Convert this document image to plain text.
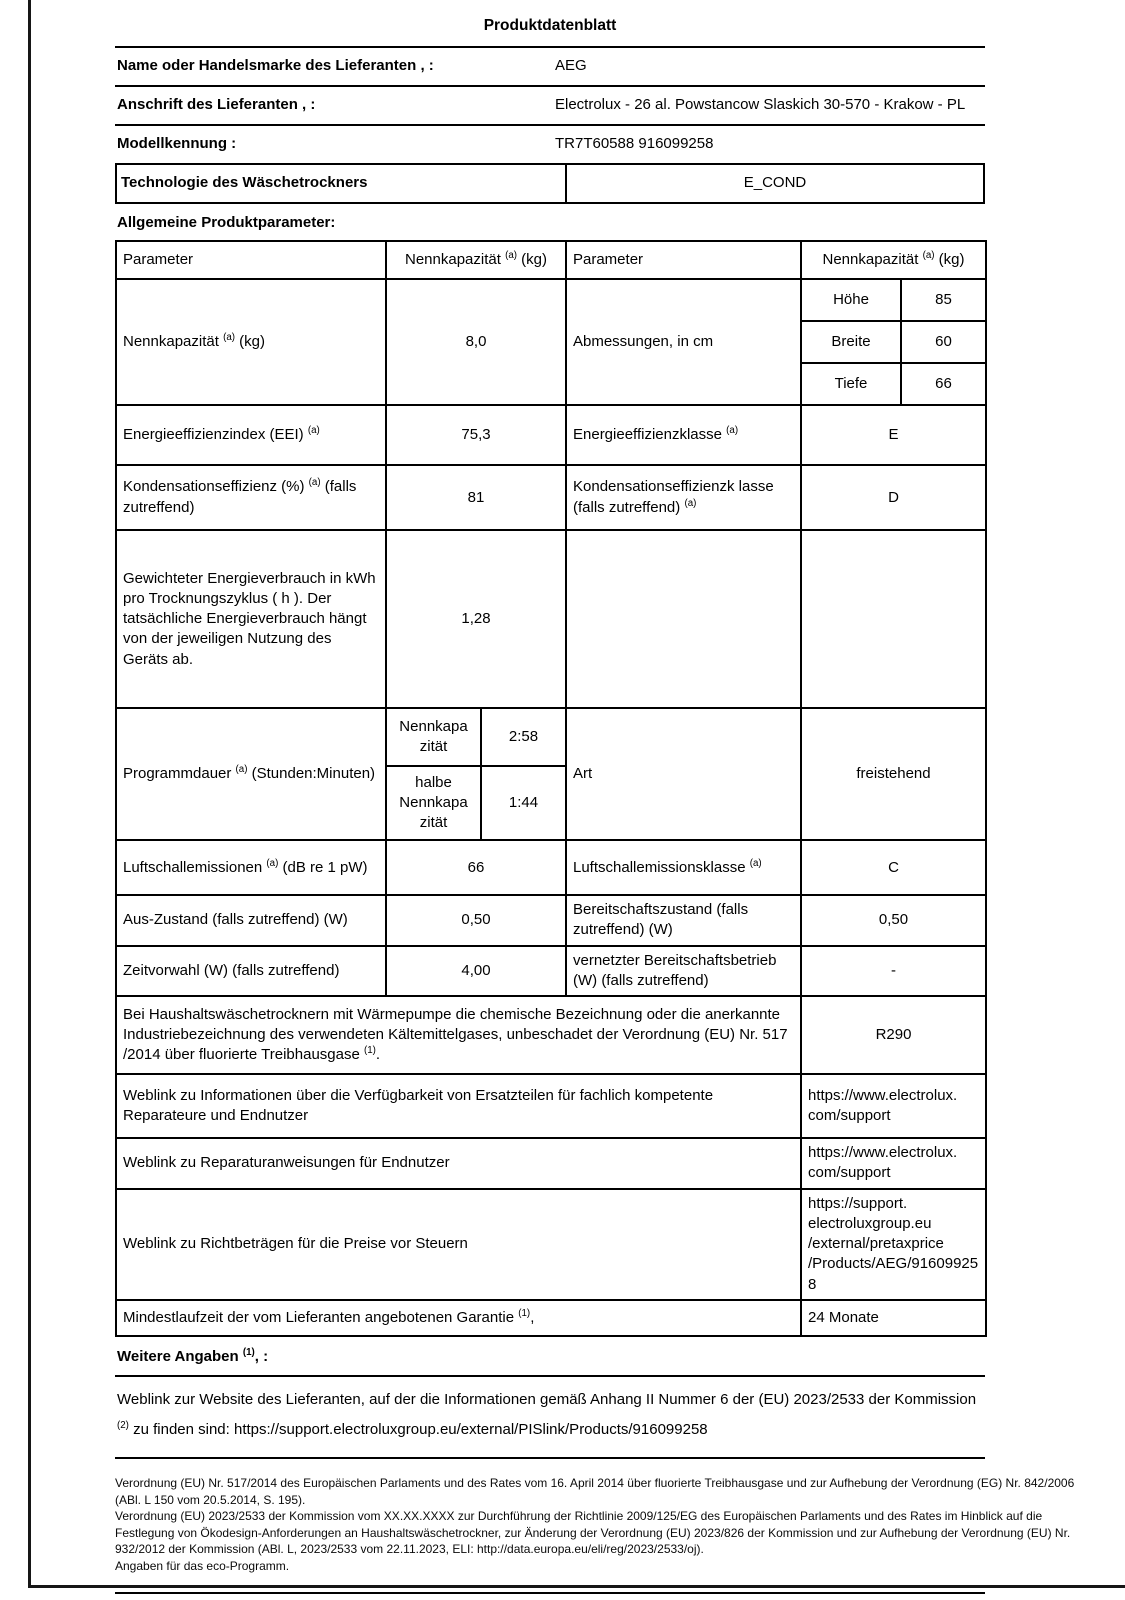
Produktdatenblatt
Name oder Handelsmarke des Lieferanten , :	AEG
Anschrift des Lieferanten , :	Electrolux - 26 al. Powstancow Slaskich 30-570 - Krakow - PL
Modellkennung :	TR7T60588 916099258
Technologie des Wäschetrockners	E_COND
Allgemeine Produktparameter:
Parameter	Nennkapazität $^{(a)}$ (kg)		Parameter	Nennkapazität $^{(a)}$ (kg)	
Nennkapazität $^{(a)}$ (kg)	8,0		Abmessungen, in cm	Höhe	85
				Breite	60
				Tiefe	66
Energieeffizienzindex (EEI) $^{(a)}$	75,3		Energieeffizienzklasse $^{(a)}$	E	
Kondensationseffizienz (%) $^{(a)}$ (falls zutreffend)	81		Kondensationseffizienzk lasse (falls zutreffend) $^{(a)}$	D	
Gewichteter Energieverbrauch in kWh pro Trocknungszyklus ( h ). Der tatsächliche Energieverbrauch hängt von der jeweiligen Nutzung des Geräts ab.	1,28				
Programmdauer $^{(a)}$ (Stunden:Minuten)	Nennkapa zität	2:58	Art	freistehend	
	halbe Nennkapa zität	1:44			
Luftschallemissionen $^{(a)}$ (dB re 1 pW)	66		Luftschallemissionsklasse $^{(a)}$	C	
Aus-Zustand (falls zutreffend) (W)	0,50		Bereitschaftszustand (falls zutreffend) (W)	0,50	
Zeitvorwahl (W) (falls zutreffend)	4,00		vernetzter Bereitschaftsbetrieb (W) (falls zutreffend)	-	
Bei Haushaltswäschetrocknern mit Wärmepumpe die chemische Bezeichnung oder die anerkannte Industriebezeichnung des verwendeten Kältemittelgases, unbeschadet der Verordnung (EU) Nr. 517 /2014 über fluorierte Treibhausgase $^{(1)}$.				R290	
Weblink zu Informationen über die Verfügbarkeit von Ersatzteilen für fachlich kompetente Reparateure und Endnutzer				https://www.electrolux. com/support	
Weblink zu Reparaturanweisungen für Endnutzer				https://www.electrolux. com/support	
Weblink zu Richtbeträgen für die Preise vor Steuern				https://support. electroluxgroup.eu /external/pretaxprice /Products/AEG/916099258	
Mindestlaufzeit der vom Lieferanten angebotenen Garantie $^{(1)}$,				24 Monate	
Weitere Angaben $^{(1)}$, :
Weblink zur Website des Lieferanten, auf der die Informationen gemäß Anhang II Nummer 6 der (EU) 2023/2533 der Kommission $^{(2)}$ zu finden sind: https://support.electroluxgroup.eu/external/PISlink/Products/916099258

Verordnung (EU) Nr. 517/2014 des Europäischen Parlaments und des Rates vom 16. April 2014 über fluorierte Treibhausgase und zur Aufhebung der Verordnung (EG) Nr. 842/2006 (ABl. L 150 vom 20.5.2014, S. 195).

Verordnung (EU) 2023/2533 der Kommission vom XX.XX.XXXX zur Durchführung der Richtlinie 2009/125/EG des Europäischen Parlaments und des Rates im Hinblick auf die Festlegung von Ökodesign-Anforderungen an Haushaltswäschetrockner, zur Änderung der Verordnung (EU) 2023/826 der Kommission und zur Aufhebung der Verordnung (EU) Nr. 932/2012 der Kommission (ABl. L, 2023/2533 vom 22.11.2023, ELI: http://data.europa.eu/eli/reg/2023/2533/oj).

Angaben für das eco-Programm.
